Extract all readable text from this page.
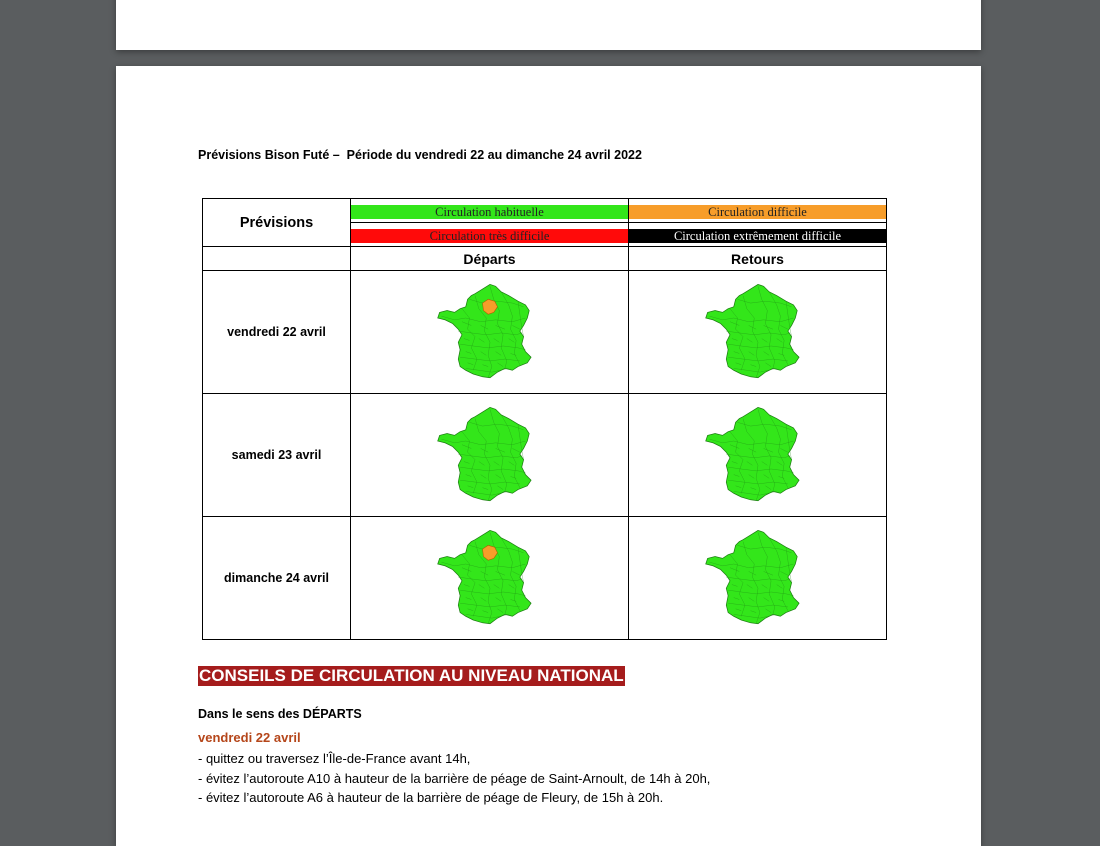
Prévisions Bison Futé –  Période du vendredi 22 au dimanche 24 avril 2022
Prévisions	Circulation habituelle	Circulation difficile

	Circulation très difficile	Circulation extrêmement difficile

	Départs	Retours
vendredi 22 avril	

samedi 23 avril	

dimanche 24 avril	

CONSEILS DE CIRCULATION AU NIVEAU NATIONAL
Dans le sens des DÉPARTS
vendredi 22 avril
- quittez ou traversez l’Île-de-France avant 14h,
- évitez l’autoroute A10 à hauteur de la barrière de péage de Saint-Arnoult, de 14h à 20h,
- évitez l’autoroute A6 à hauteur de la barrière de péage de Fleury, de 15h à 20h.
